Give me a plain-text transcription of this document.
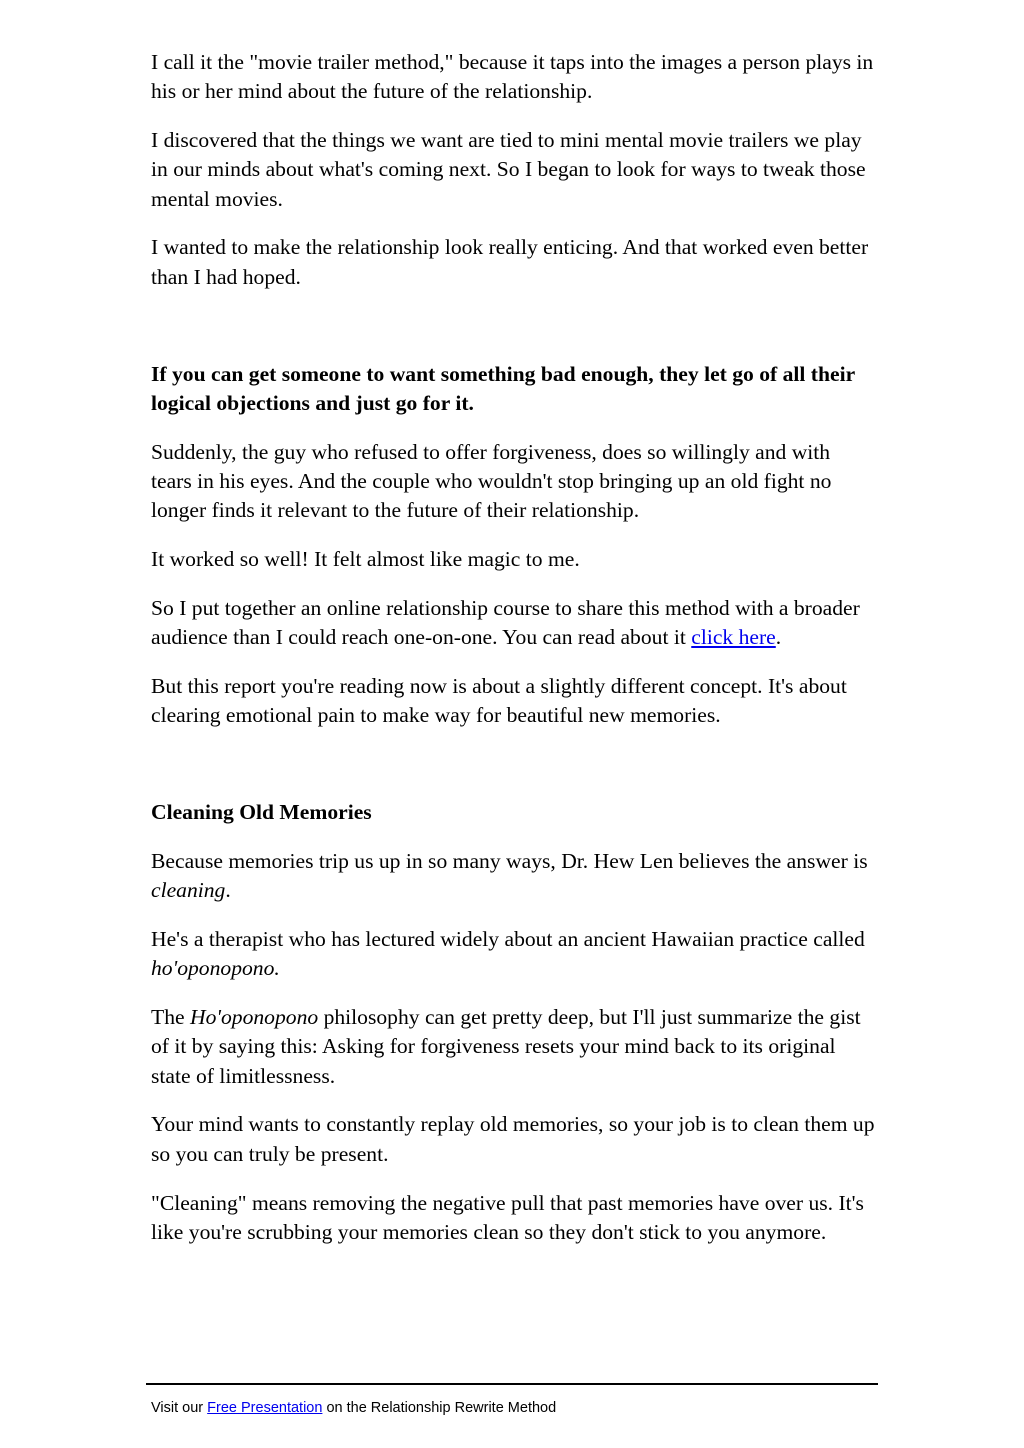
I call it the "movie trailer method," because it taps into the images a person plays in his or her mind about the future of the relationship.

I discovered that the things we want are tied to mini mental movie trailers we play in our minds about what's coming next. So I began to look for ways to tweak those mental movies.

I wanted to make the relationship look really enticing. And that worked even better than I had hoped.

If you can get someone to want something bad enough, they let go of all their logical objections and just go for it.

Suddenly, the guy who refused to offer forgiveness, does so willingly and with tears in his eyes. And the couple who wouldn't stop bringing up an old fight no longer finds it relevant to the future of their relationship.

It worked so well! It felt almost like magic to me.

So I put together an online relationship course to share this method with a broader audience than I could reach one-on-one. You can read about it click here.

But this report you're reading now is about a slightly different concept. It's about clearing emotional pain to make way for beautiful new memories.

Cleaning Old Memories

Because memories trip us up in so many ways, Dr. Hew Len believes the answer is cleaning.

He's a therapist who has lectured widely about an ancient Hawaiian practice called ho'oponopono.

The Ho'oponopono philosophy can get pretty deep, but I'll just summarize the gist of it by saying this: Asking for forgiveness resets your mind back to its original state of limitlessness.

Your mind wants to constantly replay old memories, so your job is to clean them up so you can truly be present.

"Cleaning" means removing the negative pull that past memories have over us. It's like you're scrubbing your memories clean so they don't stick to you anymore.

Visit our Free Presentation on the Relationship Rewrite Method
